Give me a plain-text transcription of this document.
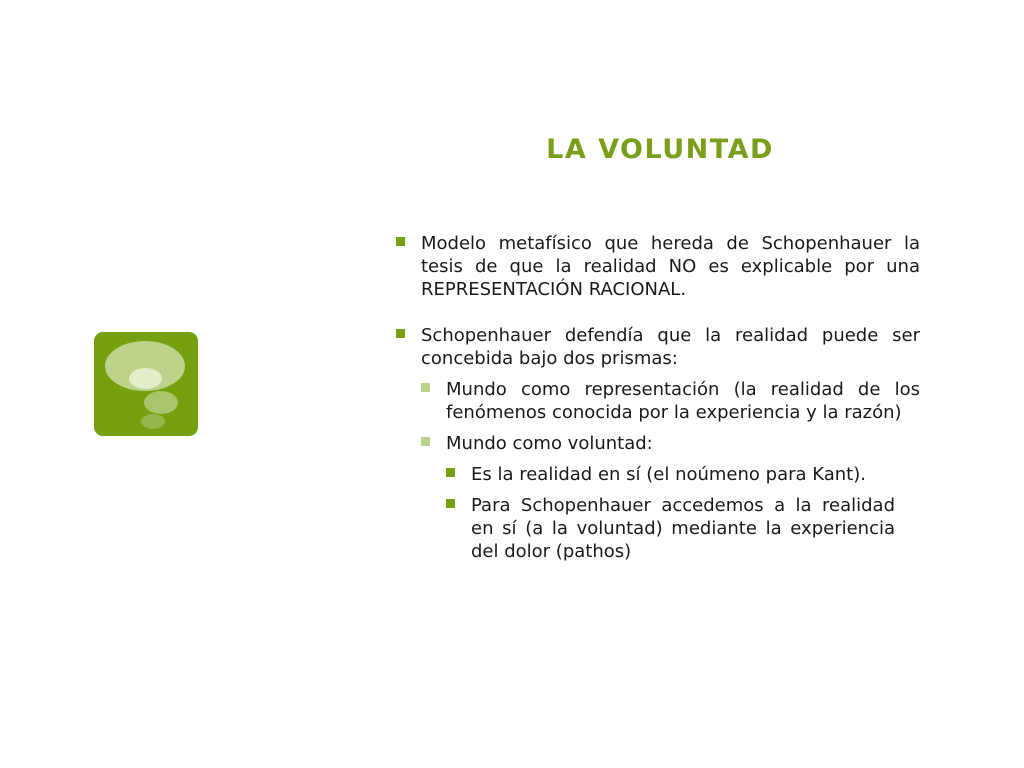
LA VOLUNTAD
Modelo metafísico que hereda de Schopenhauer la tesis de que la realidad NO es explicable por una REPRESENTACIÓN RACIONAL.
Schopenhauer defendía que la realidad puede ser concebida bajo dos prismas:
Mundo como representación (la realidad de los fenómenos conocida por la experiencia y la razón)
Mundo como voluntad:
Es la realidad en sí (el noúmeno para Kant).
Para Schopenhauer accedemos a la realidad en sí (a la voluntad) mediante la experiencia del dolor (pathos)
